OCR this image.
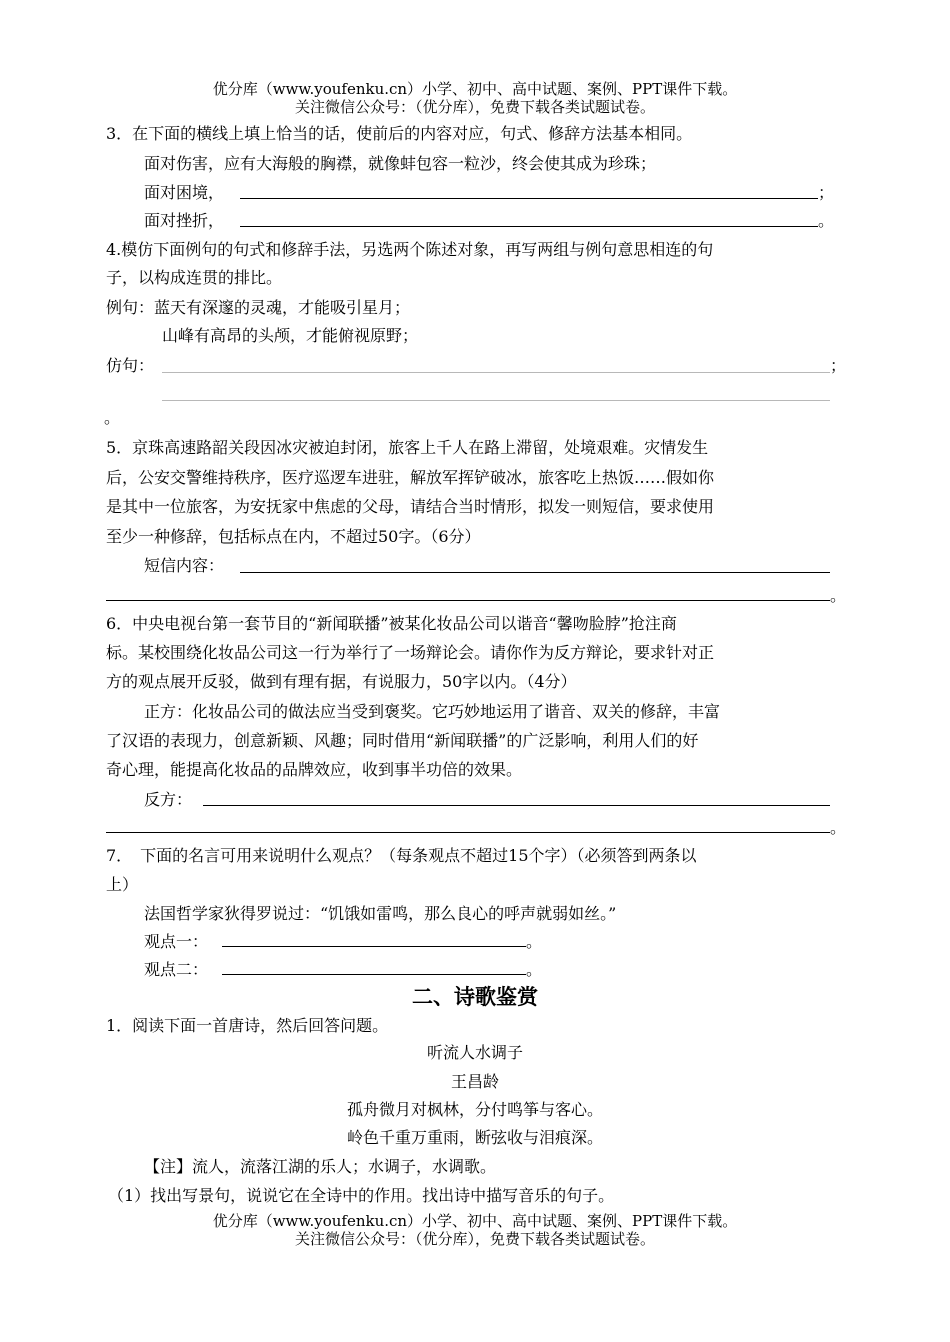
优分库（www.youfenku.cn）小学、初中、高中试题、案例、PPT课件下载。
关注微信公众号：（优分库），免费下载各类试题试卷。
3．在下面的横线上填上恰当的话，使前后的内容对应，句式、修辞方法基本相同。
面对伤害，应有大海般的胸襟，就像蚌包容一粒沙，终会使其成为珍珠；
面对困境，	；
面对挫折，	。
4.模仿下面例句的句式和修辞手法，另选两个陈述对象，再写两组与例句意思相连的句
子，以构成连贯的排比。
例句：蓝天有深邃的灵魂，才能吸引星月；
山峰有高昂的头颅，才能俯视原野；
仿句：	；
。
5．京珠高速路韶关段因冰灾被迫封闭，旅客上千人在路上滞留，处境艰难。灾情发生
后，公安交警维持秩序，医疗巡逻车进驻，解放军挥铲破冰，旅客吃上热饭……假如你
是其中一位旅客，为安抚家中焦虑的父母，请结合当时情形，拟发一则短信，要求使用
至少一种修辞，包括标点在内，不超过50字。（6分）
短信内容：
。
6．中央电视台第一套节目的“新闻联播”被某化妆品公司以谐音“馨吻脸脖”抢注商
标。某校围绕化妆品公司这一行为举行了一场辩论会。请你作为反方辩论，要求针对正
方的观点展开反驳，做到有理有据，有说服力，50字以内。（4分）
正方：化妆品公司的做法应当受到褒奖。它巧妙地运用了谐音、双关的修辞，丰富
了汉语的表现力，创意新颖、风趣；同时借用“新闻联播”的广泛影响，利用人们的好
奇心理，能提高化妆品的品牌效应，收到事半功倍的效果。
反方：
。
7．　下面的名言可用来说明什么观点？（每条观点不超过15个字）（必须答到两条以
上）
法国哲学家狄得罗说过：“饥饿如雷鸣，那么良心的呼声就弱如丝。”
观点一：	。
观点二：	。
二、诗歌鉴赏
1．阅读下面一首唐诗，然后回答问题。
听流人水调子
王昌龄
孤舟微月对枫林，分付鸣筝与客心。
岭色千重万重雨，断弦收与泪痕深。
【注】流人，流落江湖的乐人；水调子，水调歌。
（1）找出写景句，说说它在全诗中的作用。找出诗中描写音乐的句子。
优分库（www.youfenku.cn）小学、初中、高中试题、案例、PPT课件下载。
关注微信公众号：（优分库），免费下载各类试题试卷。
